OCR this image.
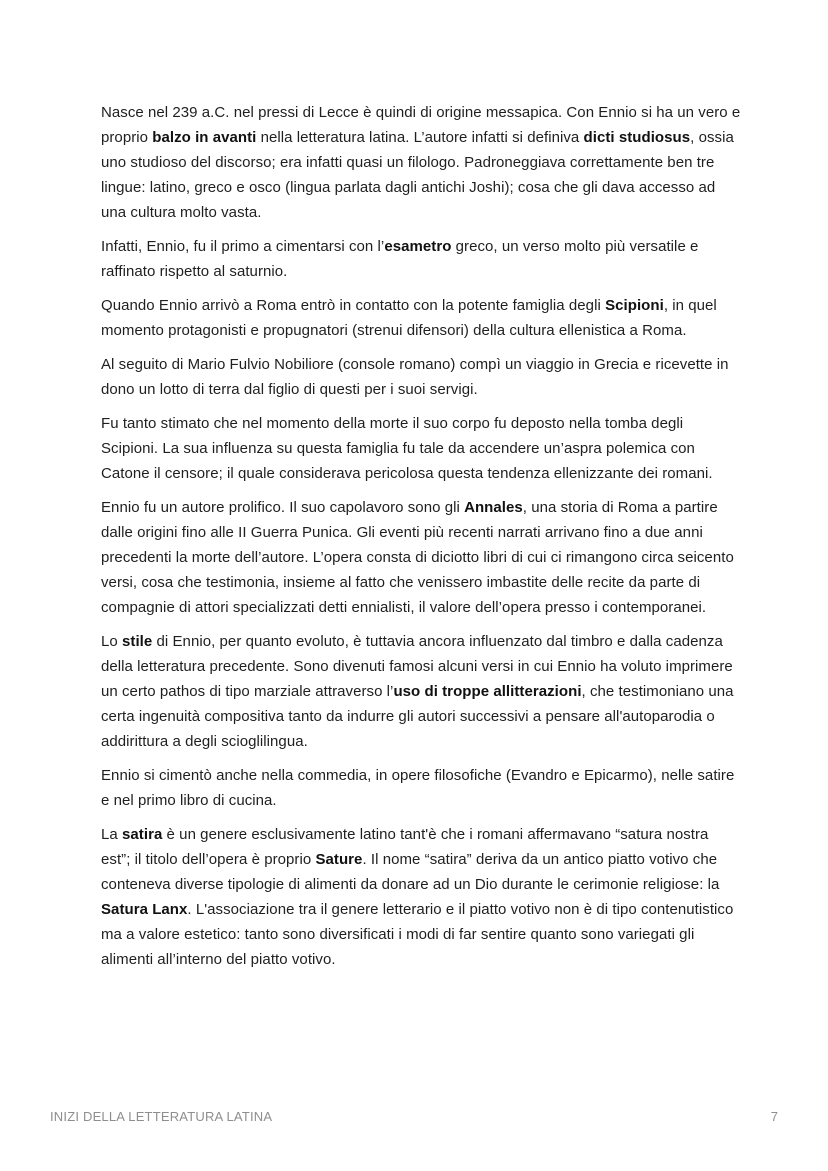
Nasce nel 239 a.C. nel pressi di Lecce è quindi di origine messapica. Con Ennio si ha un vero e proprio balzo in avanti nella letteratura latina. L’autore infatti si definiva dicti studiosus, ossia uno studioso del discorso; era infatti quasi un filologo. Padroneggiava correttamente ben tre lingue: latino, greco e osco (lingua parlata dagli antichi Joshi); cosa che gli dava accesso ad una cultura molto vasta.

Infatti, Ennio, fu il primo a cimentarsi con l’esametro greco, un verso molto più versatile e raffinato rispetto al saturnio.

Quando Ennio arrivò a Roma entrò in contatto con la potente famiglia degli Scipioni, in quel momento protagonisti e propugnatori (strenui difensori) della cultura ellenistica a Roma.

Al seguito di Mario Fulvio Nobiliore (console romano) compì un viaggio in Grecia e ricevette in dono un lotto di terra dal figlio di questi per i suoi servigi.

Fu tanto stimato che nel momento della morte il suo corpo fu deposto nella tomba degli Scipioni. La sua influenza su questa famiglia fu tale da accendere un’aspra polemica con Catone il censore; il quale considerava pericolosa questa tendenza ellenizzante dei romani.

Ennio fu un autore prolifico. Il suo capolavoro sono gli Annales, una storia di Roma a partire dalle origini fino alle II Guerra Punica. Gli eventi più recenti narrati arrivano fino a due anni precedenti la morte dell’autore. L’opera consta di diciotto libri di cui ci rimangono circa seicento versi, cosa che testimonia, insieme al fatto che venissero imbastite delle recite da parte di compagnie di attori specializzati detti ennialisti, il valore dell’opera presso i contemporanei.

Lo stile di Ennio, per quanto evoluto, è tuttavia ancora influenzato dal timbro e dalla cadenza della letteratura precedente. Sono divenuti famosi alcuni versi in cui Ennio ha voluto imprimere un certo pathos di tipo marziale attraverso l’uso di troppe allitterazioni, che testimoniano una certa ingenuità compositiva tanto da indurre gli autori successivi a pensare all'autoparodia o addirittura a degli scioglilingua.

Ennio si cimentò anche nella commedia, in opere filosofiche (Evandro e Epicarmo), nelle satire e nel primo libro di cucina.

La satira è un genere esclusivamente latino tant'è che i romani affermavano “satura nostra est”; il titolo dell’opera è proprio Sature. Il nome “satira” deriva da un antico piatto votivo che conteneva diverse tipologie di alimenti da donare ad un Dio durante le cerimonie religiose: la Satura Lanx. L'associazione tra il genere letterario e il piatto votivo non è di tipo contenutistico ma a valore estetico: tanto sono diversificati i modi di far sentire quanto sono variegati gli alimenti all’interno del piatto votivo.

INIZI DELLA LETTERATURA LATINA	7
